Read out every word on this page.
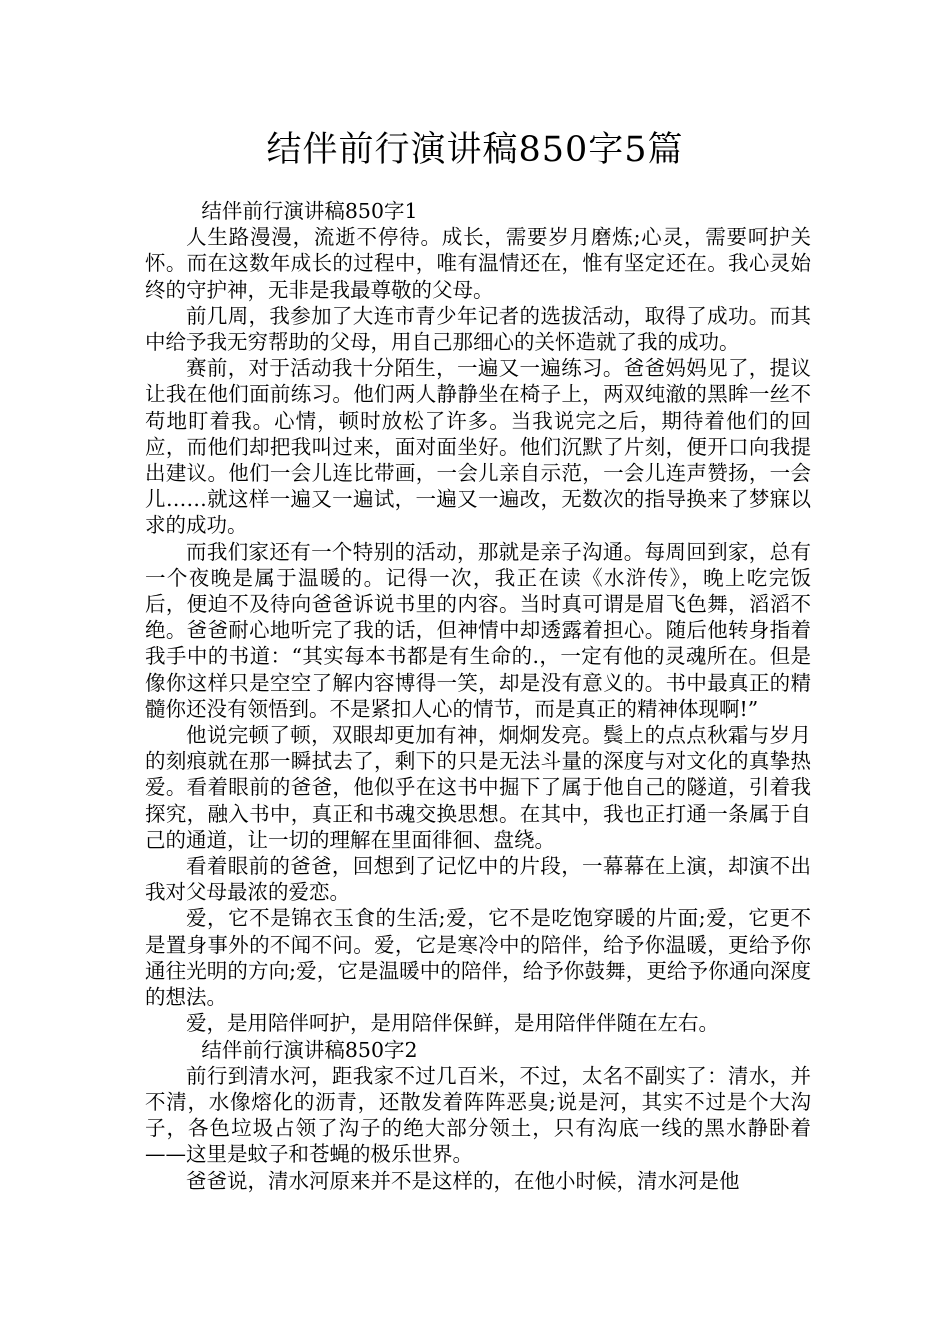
结伴前行演讲稿850字5篇

结伴前行演讲稿850字1

人生路漫漫，流逝不停待。成长，需要岁月磨炼;心灵，需要呵护关怀。而在这数年成长的过程中，唯有温情还在，惟有坚定还在。我心灵始终的守护神，无非是我最尊敬的父母。

前几周，我参加了大连市青少年记者的选拔活动，取得了成功。而其中给予我无穷帮助的父母，用自己那细心的关怀造就了我的成功。

赛前，对于活动我十分陌生，一遍又一遍练习。爸爸妈妈见了，提议让我在他们面前练习。他们两人静静坐在椅子上，两双纯澈的黑眸一丝不苟地盯着我。心情，顿时放松了许多。当我说完之后，期待着他们的回应，而他们却把我叫过来，面对面坐好。他们沉默了片刻，便开口向我提出建议。他们一会儿连比带画，一会儿亲自示范，一会儿连声赞扬，一会儿……就这样一遍又一遍试，一遍又一遍改，无数次的指导换来了梦寐以求的成功。

而我们家还有一个特别的活动，那就是亲子沟通。每周回到家，总有一个夜晚是属于温暖的。记得一次，我正在读《水浒传》，晚上吃完饭后，便迫不及待向爸爸诉说书里的内容。当时真可谓是眉飞色舞，滔滔不绝。爸爸耐心地听完了我的话，但神情中却透露着担心。随后他转身指着我手中的书道：“其实每本书都是有生命的.，一定有他的灵魂所在。但是像你这样只是空空了解内容博得一笑，却是没有意义的。书中最真正的精髓你还没有领悟到。不是紧扣人心的情节，而是真正的精神体现啊!”

他说完顿了顿，双眼却更加有神，炯炯发亮。鬓上的点点秋霜与岁月的刻痕就在那一瞬拭去了，剩下的只是无法斗量的深度与对文化的真挚热爱。看着眼前的爸爸，他似乎在这书中掘下了属于他自己的隧道，引着我探究，融入书中，真正和书魂交换思想。在其中，我也正打通一条属于自己的通道，让一切的理解在里面徘徊、盘绕。

看着眼前的爸爸，回想到了记忆中的片段，一幕幕在上演，却演不出我对父母最浓的爱恋。

爱，它不是锦衣玉食的生活;爱，它不是吃饱穿暖的片面;爱，它更不是置身事外的不闻不问。爱，它是寒冷中的陪伴，给予你温暖，更给予你通往光明的方向;爱，它是温暖中的陪伴，给予你鼓舞，更给予你通向深度的想法。

爱，是用陪伴呵护，是用陪伴保鲜，是用陪伴伴随在左右。

结伴前行演讲稿850字2

前行到清水河，距我家不过几百米，不过，太名不副实了：清水，并不清，水像熔化的沥青，还散发着阵阵恶臭;说是河，其实不过是个大沟子，各色垃圾占领了沟子的绝大部分领土，只有沟底一线的黑水静卧着——这里是蚊子和苍蝇的极乐世界。

爸爸说，清水河原来并不是这样的，在他小时候，清水河是他
